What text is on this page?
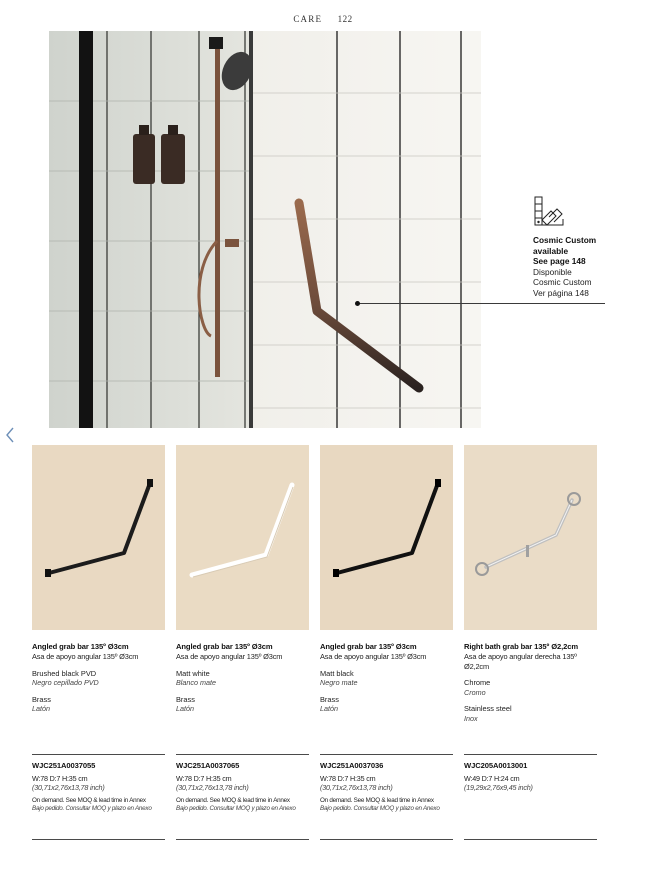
CARE 122
Cosmic Custom
available
See page 148
Disponible
Cosmic Custom
Ver página 148
Angled grab bar 135º Ø3cm
Asa de apoyo angular 135º Ø3cm
Brushed black PVD
Negro cepillado PVD
Brass
Latón
Angled grab bar 135º Ø3cm
Asa de apoyo angular 135º Ø3cm
Matt white
Blanco mate
Brass
Latón
Angled grab bar 135º Ø3cm
Asa de apoyo angular 135º Ø3cm
Matt black
Negro mate
Brass
Latón
Right bath grab bar 135º Ø2,2cm
Asa de apoyo angular derecha 135º Ø2,2cm
Chrome
Cromo
Stainless steel
Inox
WJC251A0037055	WJC251A0037065	WJC251A0037036	WJC205A0013001
W:78 D:7 H:35 cm
(30,71x2,76x13,78 inch)
W:78 D:7 H:35 cm
(30,71x2,76x13,78 inch)
W:78 D:7 H:35 cm
(30,71x2,76x13,78 inch)
W:49 D:7 H:24 cm
(19,29x2,76x9,45 inch)
On demand. See MOQ & lead time in Annex
Bajo pedido. Consultar MOQ y plazo en Anexo
On demand. See MOQ & lead time in Annex
Bajo pedido. Consultar MOQ y plazo en Anexo
On demand. See MOQ & lead time in Annex
Bajo pedido. Consultar MOQ y plazo en Anexo
